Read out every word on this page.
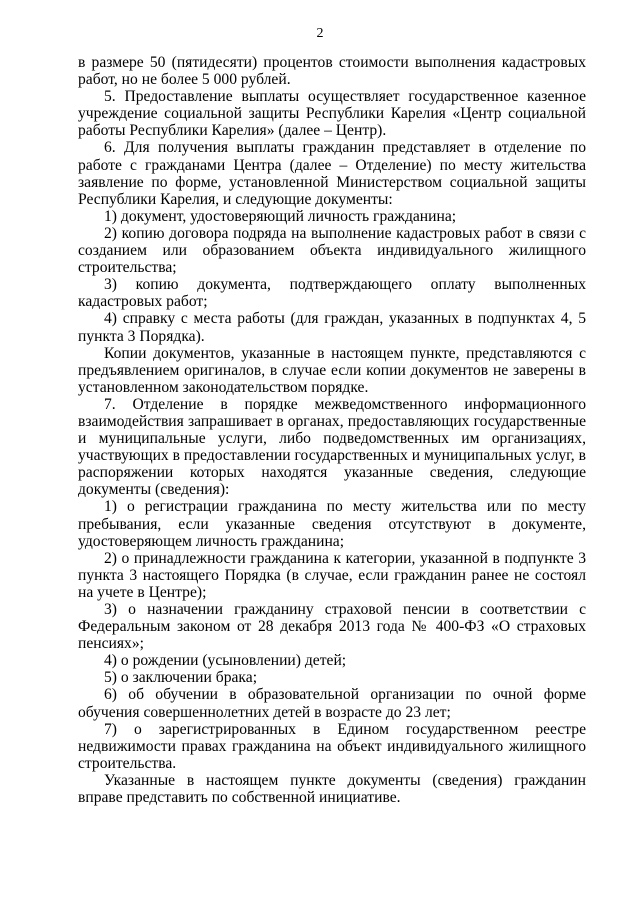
2

в размере 50 (пятидесяти) процентов стоимости выполнения кадастровых работ, но не более 5 000 рублей.

5. Предоставление выплаты осуществляет государственное казенное учреждение социальной защиты Республики Карелия «Центр социальной работы Республики Карелия» (далее – Центр).

6. Для получения выплаты гражданин представляет в отделение по работе с гражданами Центра (далее – Отделение) по месту жительства заявление по форме, установленной Министерством социальной защиты Республики Карелия, и следующие документы:

1) документ, удостоверяющий личность гражданина;

2) копию договора подряда на выполнение кадастровых работ в связи с созданием или образованием объекта индивидуального жилищного строительства;

3) копию документа, подтверждающего оплату выполненных кадастровых работ;

4) справку с места работы (для граждан, указанных в подпунктах 4, 5 пункта 3 Порядка).

Копии документов, указанные в настоящем пункте, представляются с предъявлением оригиналов, в случае если копии документов не заверены в установленном законодательством порядке.

7. Отделение в порядке межведомственного информационного взаимодействия запрашивает в органах, предоставляющих государственные и муниципальные услуги, либо подведомственных им организациях, участвующих в предоставлении государственных и муниципальных услуг, в распоряжении которых находятся указанные сведения, следующие документы (сведения):

1) о регистрации гражданина по месту жительства или по месту пребывания, если указанные сведения отсутствуют в документе, удостоверяющем личность гражданина;

2) о принадлежности гражданина к категории, указанной в подпункте 3 пункта 3 настоящего Порядка (в случае, если гражданин ранее не состоял на учете в Центре);

3) о назначении гражданину страховой пенсии в соответствии с Федеральным законом от 28 декабря 2013 года № 400-ФЗ «О страховых пенсиях»;

4) о рождении (усыновлении) детей;

5) о заключении брака;

6) об обучении в образовательной организации по очной форме обучения совершеннолетних детей в возрасте до 23 лет;

7) о зарегистрированных в Едином государственном реестре недвижимости правах гражданина на объект индивидуального жилищного строительства.

Указанные в настоящем пункте документы (сведения) гражданин вправе представить по собственной инициативе.
